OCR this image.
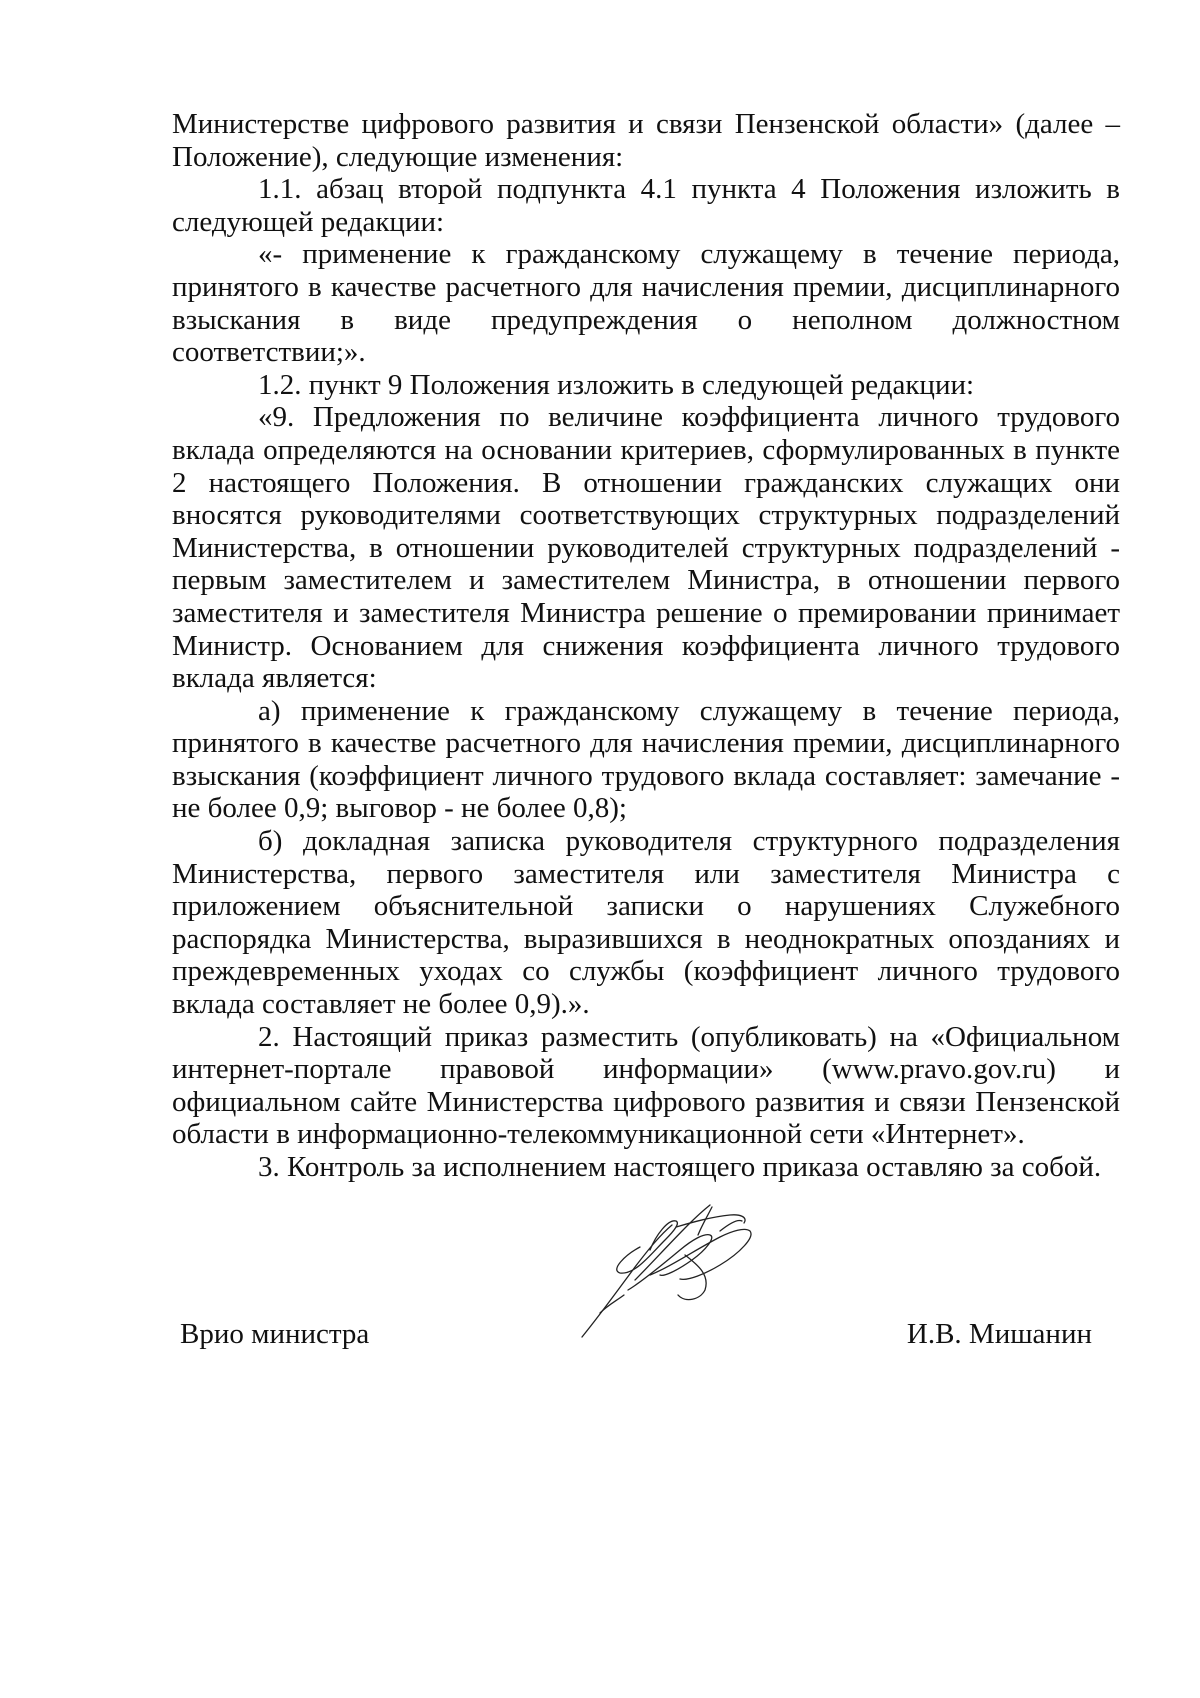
Министерстве цифрового развития и связи Пензенской области» (далее – Положение), следующие изменения:

1.1. абзац второй подпункта 4.1 пункта 4 Положения изложить в следующей редакции:

«- применение к гражданскому служащему в течение периода, принятого в качестве расчетного для начисления премии, дисциплинарного взыскания в виде предупреждения о неполном должностном соответствии;».

1.2. пункт 9 Положения изложить в следующей редакции:

«9. Предложения по величине коэффициента личного трудового вклада определяются на основании критериев, сформулированных в пункте 2 настоящего Положения. В отношении гражданских служащих они вносятся руководителями соответствующих структурных подразделений Министерства, в отношении руководителей структурных подразделений - первым заместителем и заместителем Министра, в отношении первого заместителя и заместителя Министра решение о премировании принимает Министр. Основанием для снижения коэффициента личного трудового вклада является:

а) применение к гражданскому служащему в течение периода, принятого в качестве расчетного для начисления премии, дисциплинарного взыскания (коэффициент личного трудового вклада составляет: замечание - не более 0,9; выговор - не более 0,8);

б) докладная записка руководителя структурного подразделения Министерства, первого заместителя или заместителя Министра с приложением объяснительной записки о нарушениях Служебного распорядка Министерства, выразившихся в неоднократных опозданиях и преждевременных уходах со службы (коэффициент личного трудового вклада составляет не более 0,9).».

2. Настоящий приказ разместить (опубликовать) на «Официальном интернет-портале правовой информации» (www.pravo.gov.ru) и официальном сайте Министерства цифрового развития и связи Пензенской области в информационно-телекоммуникационной сети «Интернет».

3. Контроль за исполнением настоящего приказа оставляю за собой.

Врио министра	И.В. Мишанин
